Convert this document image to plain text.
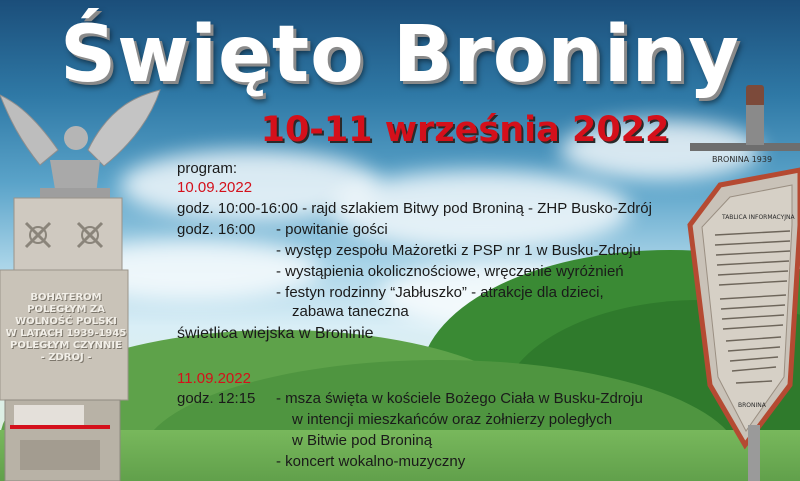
BOHATEROM
POLEGŁYM ZA
WOLNOŚĆ POLSKI
W LATACH 1939-1945
POLEGŁYM CZYNNIE
- ZDROJ -
BRONINA 1939
TABLICA INFORMACYJNA
BRONINA
Święto Broniny
10-11 września 2022
program:
10.09.2022
godz. 10:00-16:00 - rajd szlakiem Bitwy pod Broniną - ZHP Busko-Zdrój
godz. 16:00 - powitanie gości
- występ zespołu Mażoretki z PSP nr 1 w Busku-Zdroju
- wystąpienia okolicznościowe, wręczenie wyróżnień
- festyn rodzinny “Jabłuszko” - atrakcje dla dzieci,
zabawa taneczna
świetlica wiejska w Broninie
11.09.2022
godz. 12:15 - msza święta w kościele Bożego Ciała w Busku-Zdroju
w intencji mieszkańców oraz żołnierzy poległych
w Bitwie pod Broniną
- koncert wokalno-muzyczny
